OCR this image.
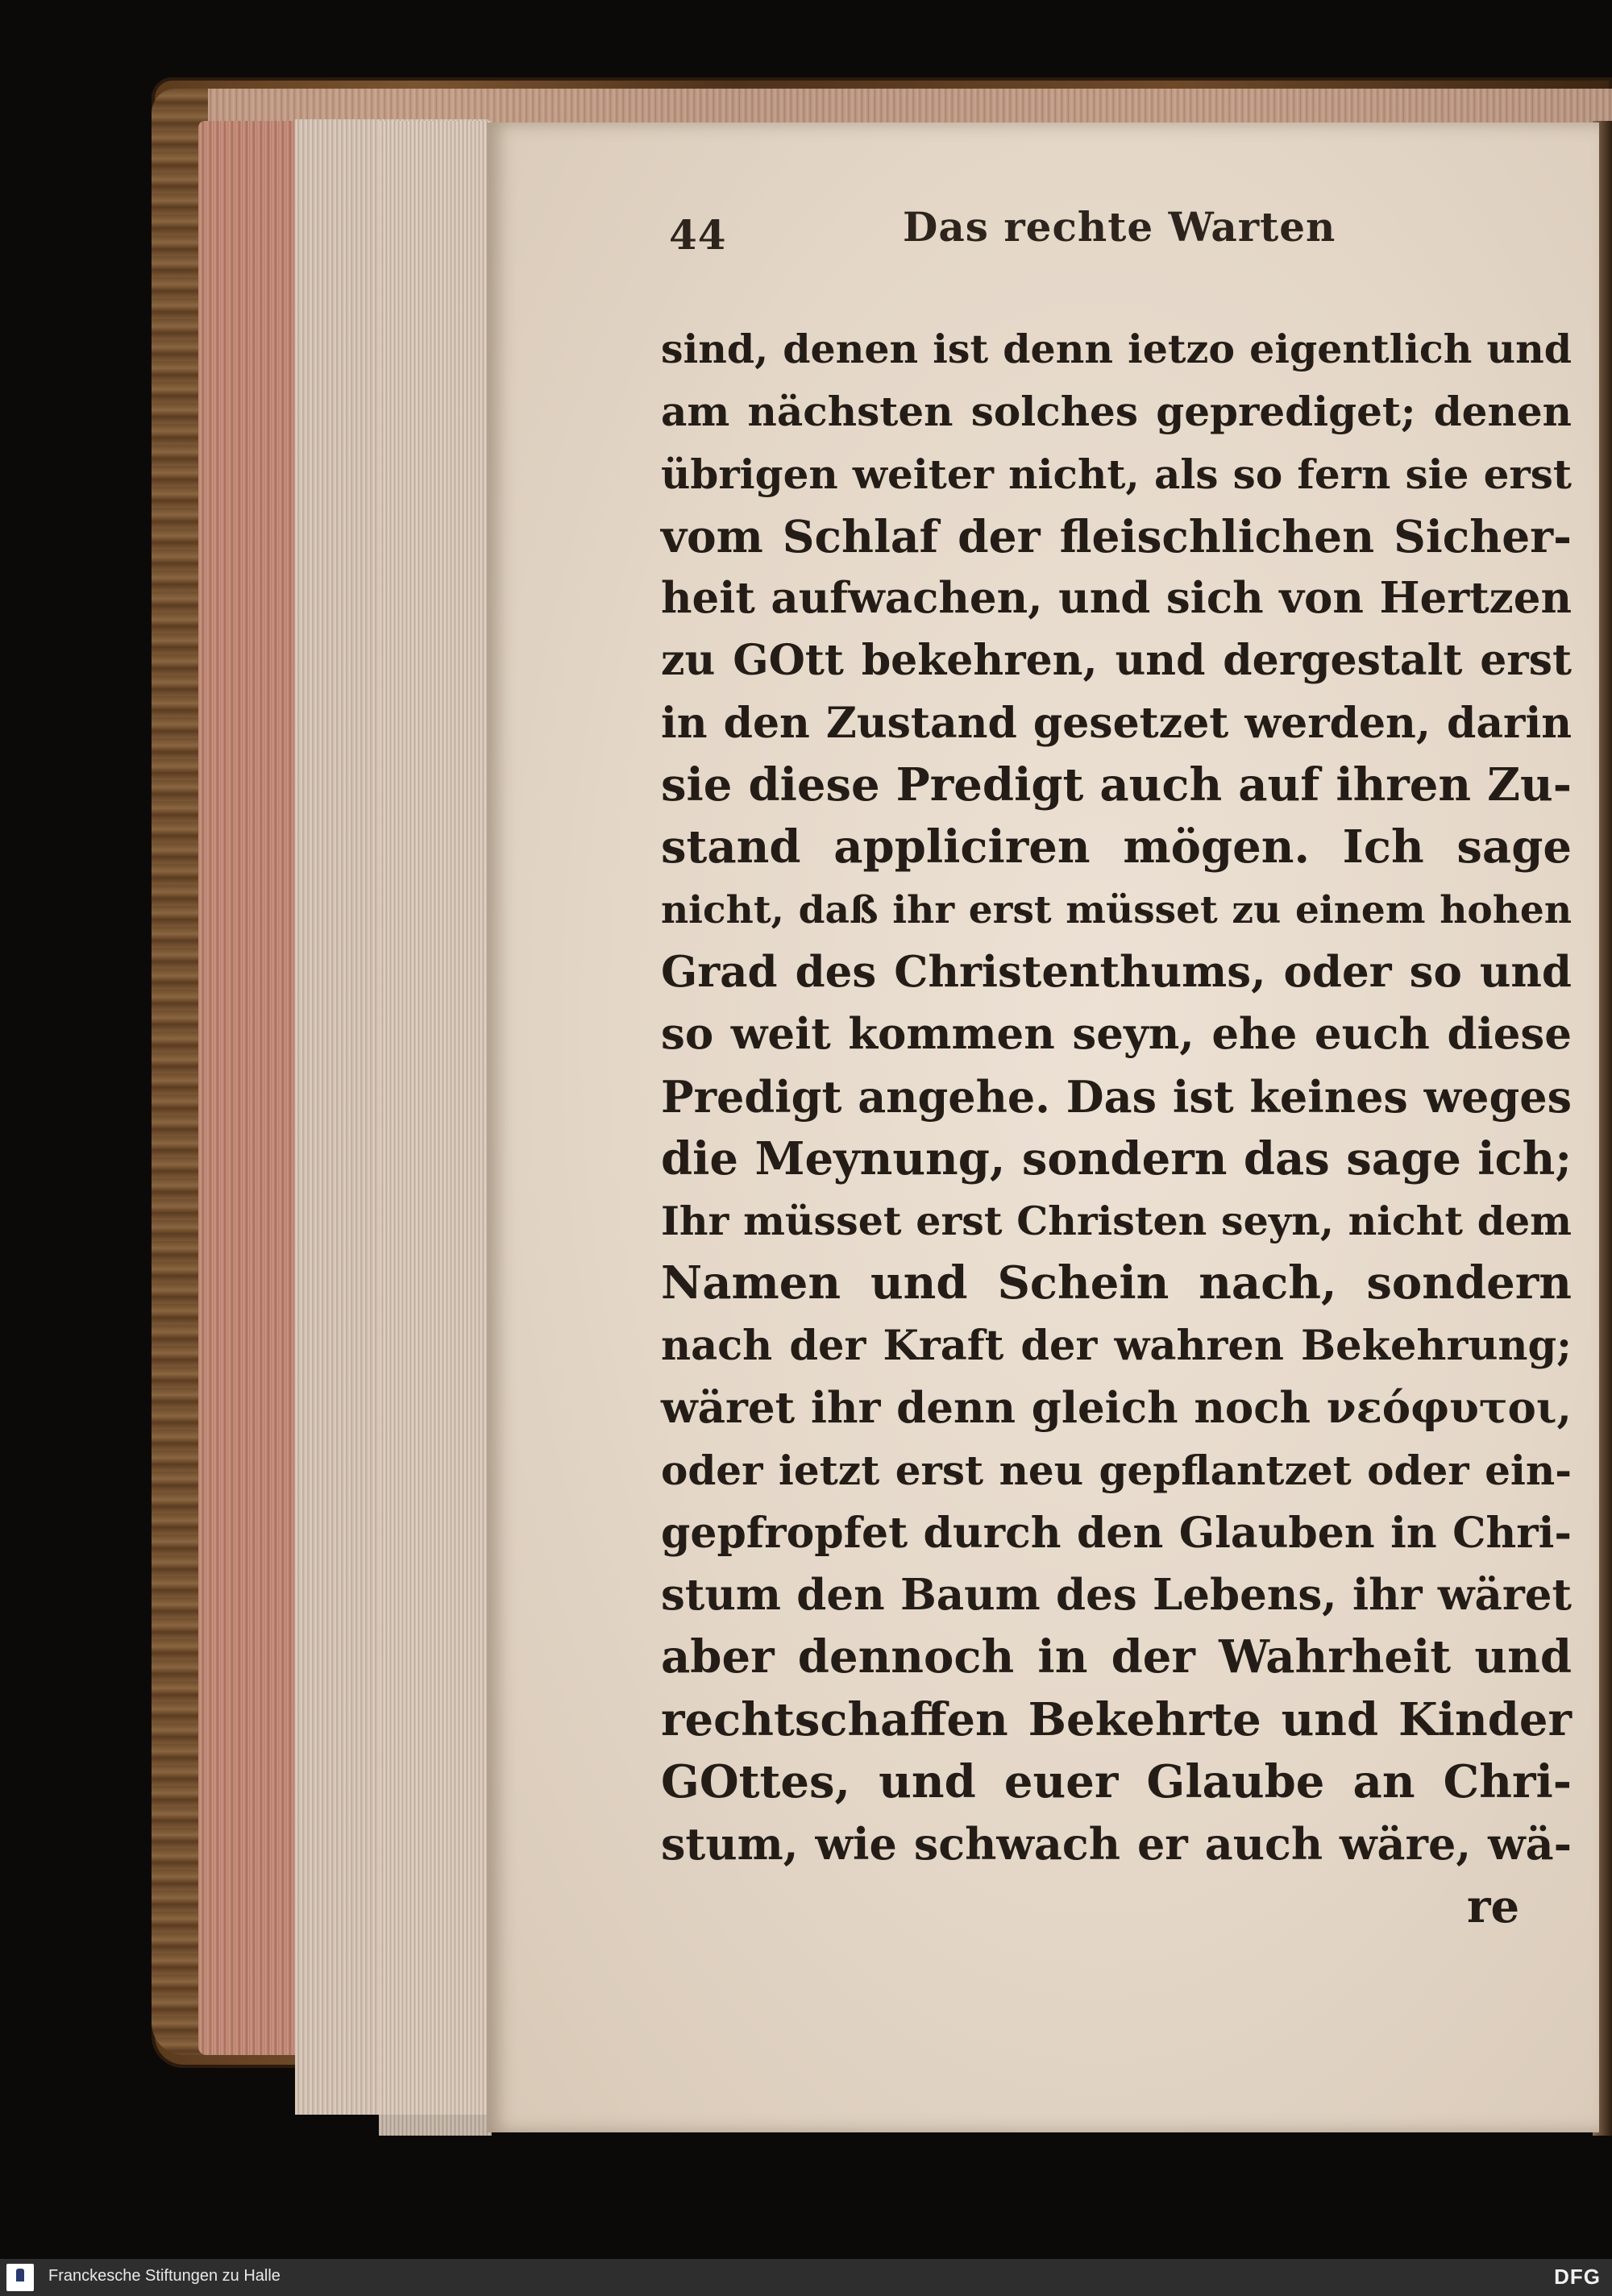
44	Das rechte Warten
sind, denen ist denn ietzo eigentlich und
am nächsten solches geprediget; denen
übrigen weiter nicht, als so fern sie erst
vom Schlaf der fleischlichen Sicher-
heit aufwachen, und sich von Hertzen
zu GOtt bekehren, und dergestalt erst
in den Zustand gesetzet werden, darin
sie diese Predigt auch auf ihren Zu-
stand appliciren mögen. Ich sage
nicht, daß ihr erst müsset zu einem hohen
Grad des Christenthums, oder so und
so weit kommen seyn, ehe euch diese
Predigt angehe. Das ist keines weges
die Meynung, sondern das sage ich;
Ihr müsset erst Christen seyn, nicht dem
Namen und Schein nach, sondern
nach der Kraft der wahren Bekehrung;
wäret ihr denn gleich noch νεόφυτοι,
oder ietzt erst neu gepflantzet oder ein-
gepfropfet durch den Glauben in Chri-
stum den Baum des Lebens, ihr wäret
aber dennoch in der Wahrheit und
rechtschaffen Bekehrte und Kinder
GOttes, und euer Glaube an Chri-
stum, wie schwach er auch wäre, wä-
re
Franckesche Stiftungen zu Halle	DFG
